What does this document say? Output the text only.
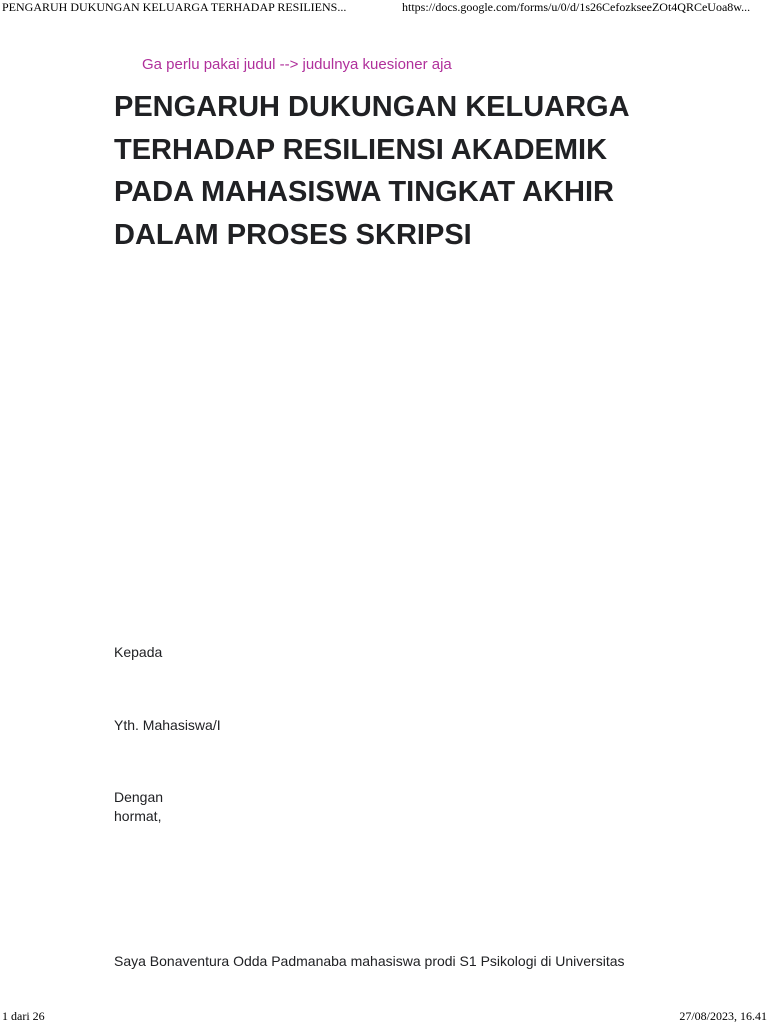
PENGARUH DUKUNGAN KELUARGA TERHADAP RESILIENS...	https://docs.google.com/forms/u/0/d/1s26CefozkseeZOt4QRCeUoa8w...
Ga perlu pakai judul --> judulnya kuesioner aja
PENGARUH DUKUNGAN KELUARGA
TERHADAP RESILIENSI AKADEMIK
PADA MAHASISWA TINGKAT AKHIR
DALAM PROSES SKRIPSI
Kepada
Yth. Mahasiswa/I
Dengan
hormat,
Saya Bonaventura Odda Padmanaba mahasiswa prodi S1 Psikologi di Universitas
1 dari 26	27/08/2023, 16.41
